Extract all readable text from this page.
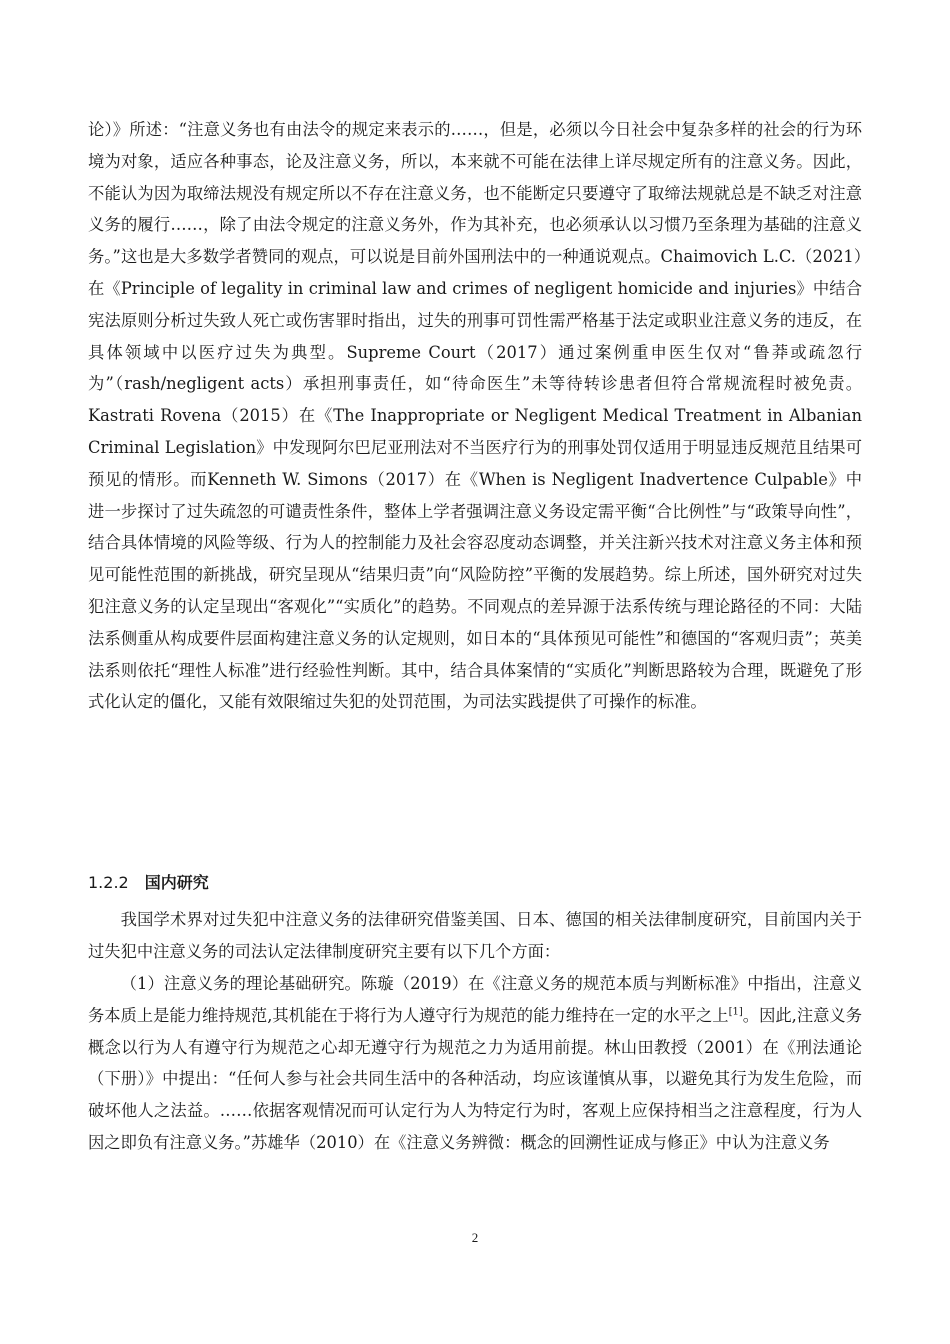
论）》所述：“注意义务也有由法令的规定来表示的……，但是，必须以今日社会中复杂多样的社会的行为环境为对象，适应各种事态，论及注意义务，所以，本来就不可能在法律上详尽规定所有的注意义务。因此，不能认为因为取缔法规没有规定所以不存在注意义务，也不能断定只要遵守了取缔法规就总是不缺乏对注意义务的履行……，除了由法令规定的注意义务外，作为其补充，也必须承认以习惯乃至条理为基础的注意义务。”这也是大多数学者赞同的观点，可以说是目前外国刑法中的一种通说观点。Chaimovich L.C.（2021）在《Principle of legality in criminal law and crimes of negligent homicide and injuries》中结合宪法原则分析过失致人死亡或伤害罪时指出，过失的刑事可罚性需严格基于法定或职业注意义务的违反，在具体领域中以医疗过失为典型。Supreme Court（2017）通过案例重申医生仅对“鲁莽或疏忽行为”（rash/negligent acts）承担刑事责任，如“待命医生”未等待转诊患者但符合常规流程时被免责。Kastrati Rovena（2015）在《The Inappropriate or Negligent Medical Treatment in Albanian Criminal Legislation》中发现阿尔巴尼亚刑法对不当医疗行为的刑事处罚仅适用于明显违反规范且结果可预见的情形。而Kenneth W. Simons（2017）在《When is Negligent Inadvertence Culpable》中进一步探讨了过失疏忽的可谴责性条件，整体上学者强调注意义务设定需平衡“合比例性”与“政策导向性”，结合具体情境的风险等级、行为人的控制能力及社会容忍度动态调整，并关注新兴技术对注意义务主体和预见可能性范围的新挑战，研究呈现从“结果归责”向“风险防控”平衡的发展趋势。综上所述，国外研究对过失犯注意义务的认定呈现出“客观化”“实质化”的趋势。不同观点的差异源于法系传统与理论路径的不同：大陆法系侧重从构成要件层面构建注意义务的认定规则，如日本的“具体预见可能性”和德国的“客观归责”；英美法系则依托“理性人标准”进行经验性判断。其中，结合具体案情的“实质化”判断思路较为合理，既避免了形式化认定的僵化，又能有效限缩过失犯的处罚范围，为司法实践提供了可操作的标准。

1.2.2 国内研究

我国学术界对过失犯中注意义务的法律研究借鉴美国、日本、德国的相关法律制度研究，目前国内关于过失犯中注意义务的司法认定法律制度研究主要有以下几个方面：

（1）注意义务的理论基础研究。陈璇（2019）在《注意义务的规范本质与判断标准》中指出，注意义务本质上是能力维持规范,其机能在于将行为人遵守行为规范的能力维持在一定的水平之上[1]。因此,注意义务概念以行为人有遵守行为规范之心却无遵守行为规范之力为适用前提。林山田教授（2001）在《刑法通论（下册）》中提出：“任何人参与社会共同生活中的各种活动，均应该谨慎从事，以避免其行为发生危险，而破坏他人之法益。……依据客观情况而可认定行为人为特定行为时，客观上应保持相当之注意程度，行为人因之即负有注意义务。”苏雄华（2010）在《注意义务辨微：概念的回溯性证成与修正》中认为注意义务

2
